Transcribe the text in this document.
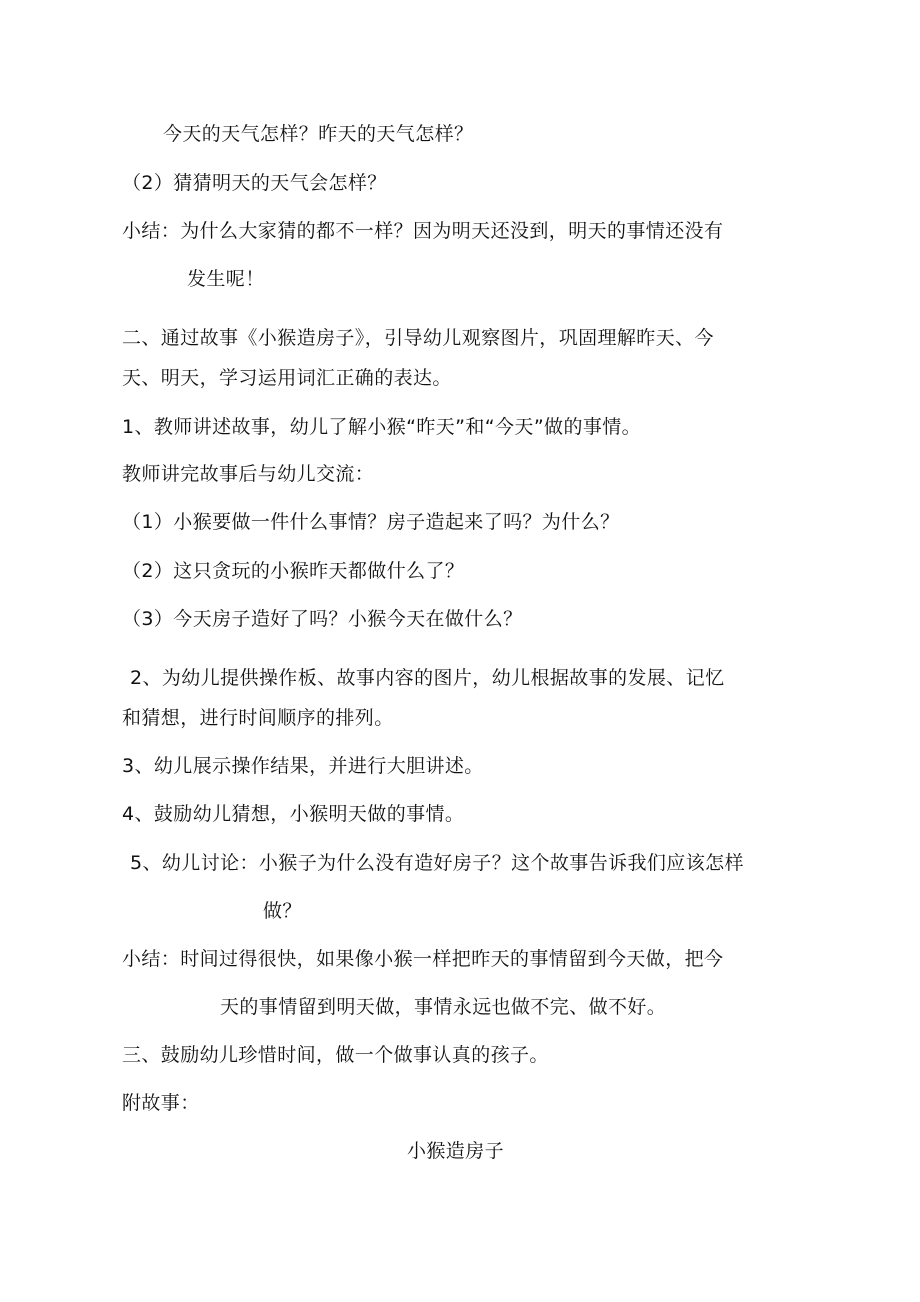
今天的天气怎样？昨天的天气怎样？
（2）猜猜明天的天气会怎样？
小结：为什么大家猜的都不一样？因为明天还没到，明天的事情还没有
发生呢！
二、通过故事《小猴造房子》，引导幼儿观察图片，巩固理解昨天、今
天、明天，学习运用词汇正确的表达。
1、教师讲述故事，幼儿了解小猴“昨天”和“今天”做的事情。
教师讲完故事后与幼儿交流：
（1）小猴要做一件什么事情？房子造起来了吗？为什么？
（2）这只贪玩的小猴昨天都做什么了？
（3）今天房子造好了吗？小猴今天在做什么？
2、为幼儿提供操作板、故事内容的图片，幼儿根据故事的发展、记忆
和猜想，进行时间顺序的排列。
3、幼儿展示操作结果，并进行大胆讲述。
4、鼓励幼儿猜想，小猴明天做的事情。
5、幼儿讨论：小猴子为什么没有造好房子？这个故事告诉我们应该怎样
做？
小结：时间过得很快，如果像小猴一样把昨天的事情留到今天做，把今
天的事情留到明天做，事情永远也做不完、做不好。
三、鼓励幼儿珍惜时间，做一个做事认真的孩子。
附故事：
小猴造房子
